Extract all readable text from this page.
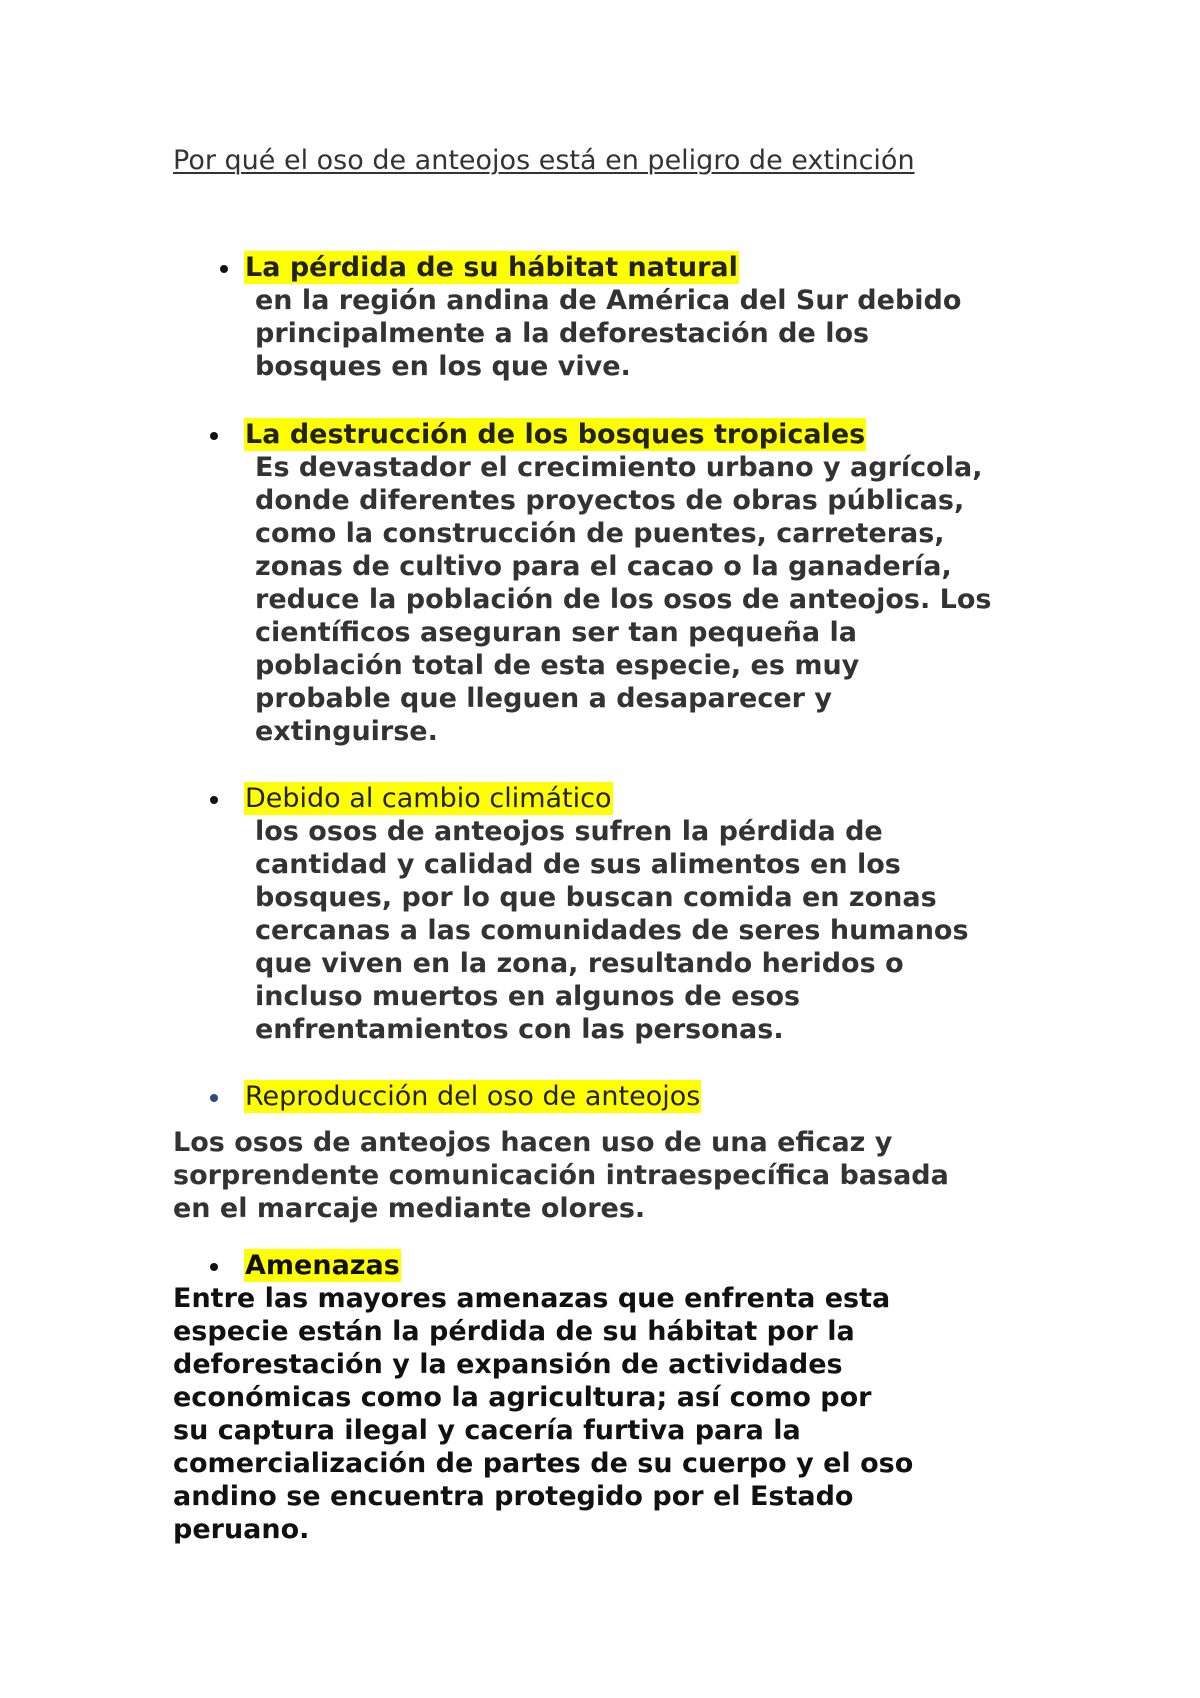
Por qué el oso de anteojos está en peligro de extinción
La pérdida de su hábitat natural
en la región andina de América del Sur debido
principalmente a la deforestación de los
bosques en los que vive.
La destrucción de los bosques tropicales
Es devastador el crecimiento urbano y agrícola,
donde diferentes proyectos de obras públicas,
como la construcción de puentes, carreteras,
zonas de cultivo para el cacao o la ganadería,
reduce la población de los osos de anteojos. Los
científicos aseguran ser tan pequeña la
población total de esta especie, es muy
probable que lleguen a desaparecer y
extinguirse.
Debido al cambio climático
los osos de anteojos sufren la pérdida de
cantidad y calidad de sus alimentos en los
bosques, por lo que buscan comida en zonas
cercanas a las comunidades de seres humanos
que viven en la zona, resultando heridos o
incluso muertos en algunos de esos
enfrentamientos con las personas.
Reproducción del oso de anteojos
Los osos de anteojos hacen uso de una eficaz y
sorprendente comunicación intraespecífica basada
en el marcaje mediante olores.
Amenazas
Entre las mayores amenazas que enfrenta esta
especie están la pérdida de su hábitat por la
deforestación y la expansión de actividades
económicas como la agricultura; así como por
su captura ilegal y cacería furtiva para la
comercialización de partes de su cuerpo y el oso
andino se encuentra protegido por el Estado
peruano.
